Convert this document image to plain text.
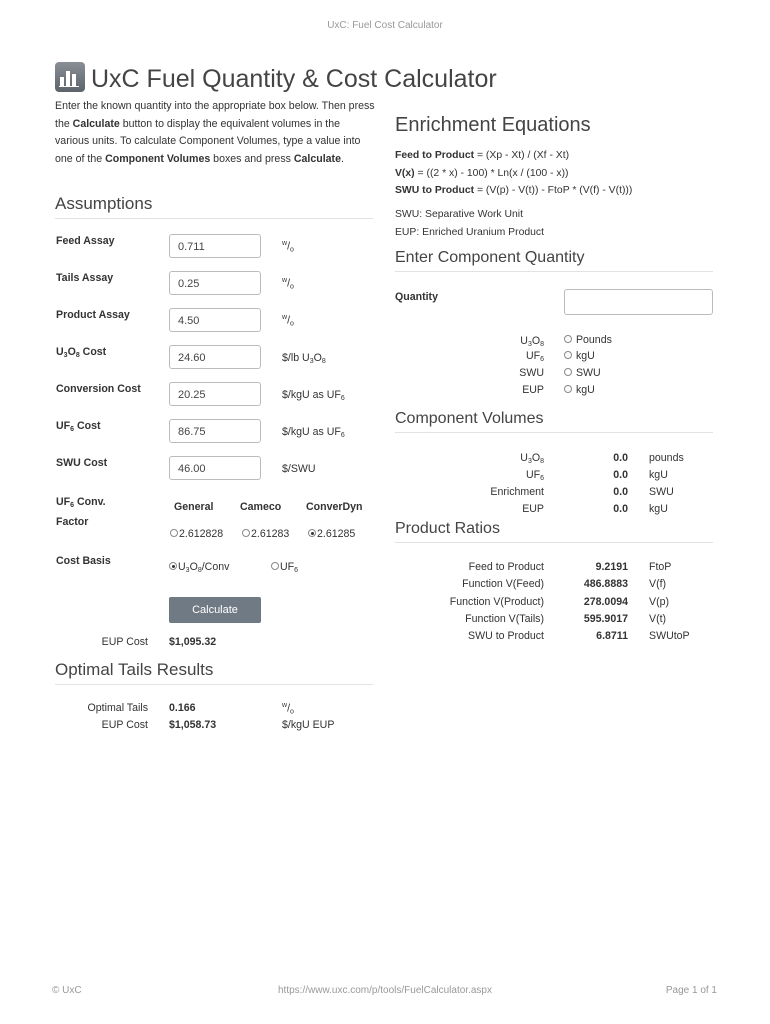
UxC: Fuel Cost Calculator
UxC Fuel Quantity & Cost Calculator
Enter the known quantity into the appropriate box below. Then press the Calculate button to display the equivalent volumes in the various units. To calculate Component Volumes, type a value into one of the Component Volumes boxes and press Calculate.
Assumptions
Feed Assay	0.711	$^w/_o$
Tails Assay	0.25	$^w/_o$
Product Assay	4.50	$^w/_o$
$U_3O_8$ Cost	24.60	$/lb $U_3O_8$
Conversion Cost	20.25	$/kgU as $UF_6$
$UF_6$ Cost	86.75	$/kgU as $UF_6$
SWU Cost	46.00	$/SWU
$UF_6$ Conv.
Factor
General	Cameco ConverDyn
2.612828	2.61283	2.61285
Cost Basis	$U_3O_8$/Conv	$UF_6$
Calculate
EUP Cost $1,095.32
Optimal Tails Results
Optimal Tails 0.166	$^w/_o$
EUP Cost $1,058.73	$/kgU EUP
Enrichment Equations
Feed to Product = (Xp - Xt) / (Xf - Xt)
V(x) = ((2 * x) - 100) * Ln(x / (100 - x))
SWU to Product = (V(p) - V(t)) - FtoP * (V(f) - V(t)))
SWU: Separative Work Unit
EUP: Enriched Uranium Product
Enter Component Quantity
Quantity
$U_3O_8$	Pounds
$UF_6$	kgU
SWU	SWU
EUP	kgU
Component Volumes
$U_3O_8$	0.0 pounds
$UF_6$	0.0 kgU
Enrichment	0.0 SWU
EUP	0.0 kgU
Product Ratios
Feed to Product	9.2191 FtoP
Function V(Feed)	486.8883 V(f)
Function V(Product)	278.0094 V(p)
Function V(Tails)	595.9017 V(t)
SWU to Product	6.8711 SWUtoP
© UxC	https://www.uxc.com/p/tools/FuelCalculator.aspx	Page 1 of 1
